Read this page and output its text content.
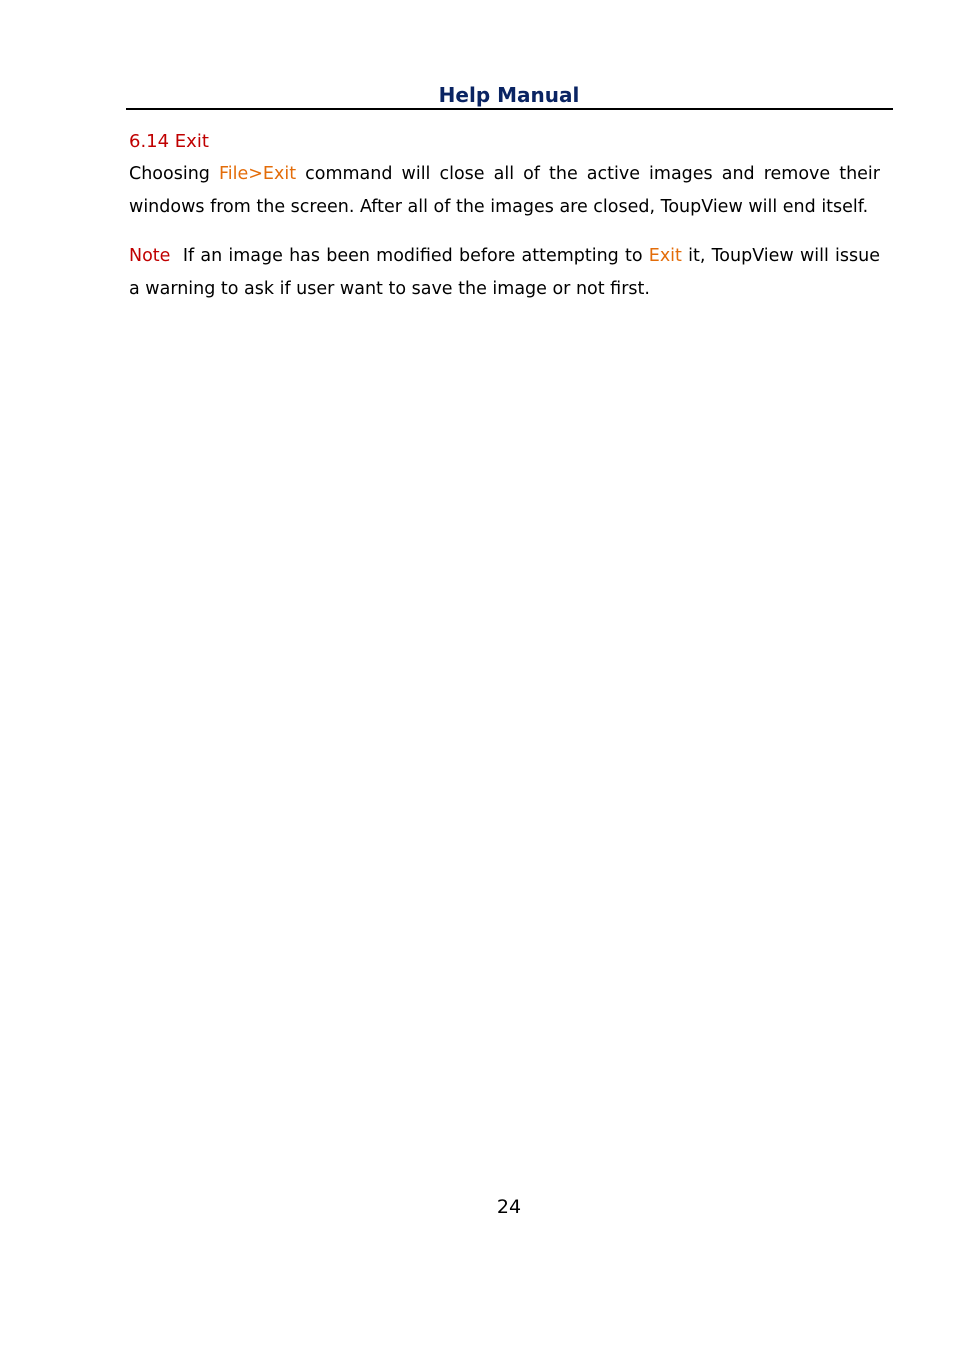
Help Manual
6.14 Exit

Choosing File>Exit command will close all of the active images and remove their windows from the screen. After all of the images are closed, ToupView will end itself.

Note  If an image has been modified before attempting to Exit it, ToupView will issue a warning to ask if user want to save the image or not first.

24
